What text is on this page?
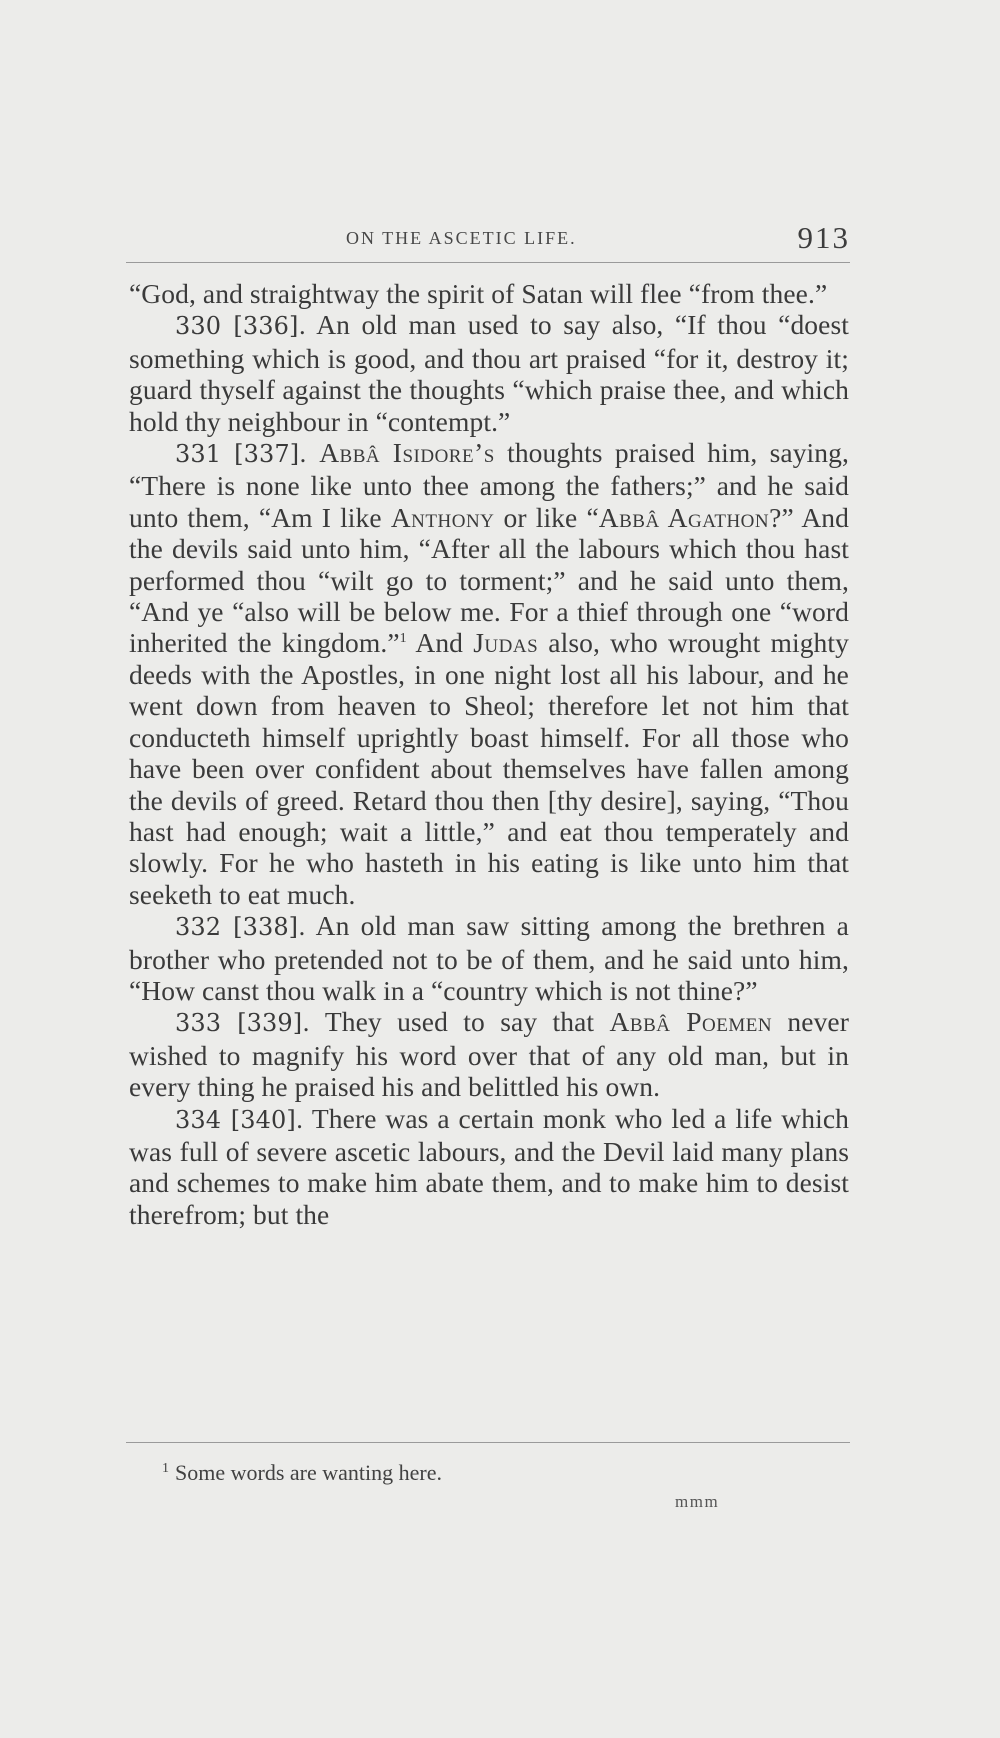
ON THE ASCETIC LIFE.	913

“God, and straightway the spirit of Satan will flee “from thee.”

330 [336]. An old man used to say also, “If thou “doest something which is good, and thou art praised “for it, destroy it; guard thyself against the thoughts “which praise thee, and which hold thy neighbour in “contempt.”

331 [337]. Abbâ Isidore’s thoughts praised him, saying, “There is none like unto thee among the fathers;” and he said unto them, “Am I like Anthony or like “Abbâ Agathon?” And the devils said unto him, “After all the labours which thou hast performed thou “wilt go to torment;” and he said unto them, “And ye “also will be below me. For a thief through one “word inherited the kingdom.”$^1$ And Judas also, who wrought mighty deeds with the Apostles, in one night lost all his labour, and he went down from heaven to Sheol; therefore let not him that conducteth himself uprightly boast himself. For all those who have been over confident about themselves have fallen among the devils of greed. Retard thou then [thy desire], saying, “Thou hast had enough; wait a little,” and eat thou temperately and slowly. For he who hasteth in his eating is like unto him that seeketh to eat much.

332 [338]. An old man saw sitting among the brethren a brother who pretended not to be of them, and he said unto him, “How canst thou walk in a “country which is not thine?”

333 [339]. They used to say that Abbâ Poemen never wished to magnify his word over that of any old man, but in every thing he praised his and belittled his own.

334 [340]. There was a certain monk who led a life which was full of severe ascetic labours, and the Devil laid many plans and schemes to make him abate them, and to make him to desist therefrom; but the

$^1$ Some words are wanting here.
mmm
